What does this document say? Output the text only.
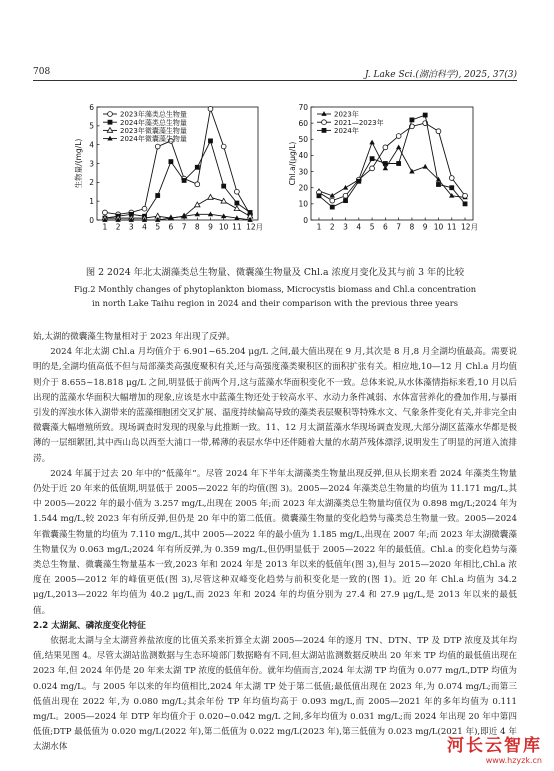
708	J. Lake Sci.(湖泊科学), 2025, 37(3)
0
1
2
3
4
5
6
1 2 3 4 5 6 7 8 9 10 11 12月
生物量/(mg/L)
2023年藻类总生物量
2024年藻类总生物量
2023年微囊藻生物量
2024年微囊藻生物量
0
10
20
30
40
50
60
70
1 2 3 4 5 6 7 8 9 10 11 12月
Chl.a/(μg/L)
2023年
2021—2023年
2024年
图 2 2024 年北太湖藻类总生物量、微囊藻生物量及 Chl.a 浓度月变化及其与前 3 年的比较
Fig.2 Monthly changes of phytoplankton biomass, Microcystis biomass and Chl.a concentration
in north Lake Taihu region in 2024 and their comparison with the previous three years

始,太湖的微囊藻生物量相对于 2023 年出现了反弹。

2024 年北太湖 Chl.a 月均值介于 6.901~65.204 μg/L 之间,最大值出现在 9 月,其次是 8 月,8 月全湖均值最高。需要说明的是,全湖均值高低不但与局部藻类高强度聚积有关,还与高强度藻类聚积区的面积扩张有关。相应地,10—12 月 Chl.a 月均值则介于 8.655~18.818 μg/L 之间,明显低于前两个月,这与蓝藻水华面积变化不一致。总体来说,从水体藻情指标来看,10 月以后出现的蓝藻水华面积大幅增加的现象,应该是水中蓝藻生物还处于较高水平、水动力条件减弱、水体富营养化的叠加作用,与暴雨引发的浑浊水体入湖带来的蓝藻细胞团交叉扩展、温度持续偏高导致的藻类表层聚积等特殊水文、气象条件变化有关,并非完全由微囊藻大幅增殖所致。现场调查时发现的现象与此推断一致。11、12 月太湖蓝藻水华现场调查发现,大部分湖区蓝藻水华都是极薄的一层细絮团,其中西山岛以西至大浦口一带,稀薄的表层水华中还伴随着大量的水葫芦残体漂浮,说明发生了明显的河道入流排涝。

2024 年属于过去 20 年中的“低藻年”。尽管 2024 年下半年太湖藻类生物量出现反弹,但从长期来看 2024 年藻类生物量仍处于近 20 年来的低值期,明显低于 2005—2022 年的均值(图 3)。2005—2024 年藻类总生物量的均值为 11.171 mg/L,其中 2005—2022 年的最小值为 3.257 mg/L,出现在 2005 年;而 2023 年太湖藻类总生物量均值仅为 0.898 mg/L;2024 年为 1.544 mg/L,较 2023 年有所反弹,但仍是 20 年中的第二低值。微囊藻生物量的变化趋势与藻类总生物量一致。2005—2024 年微囊藻生物量的均值为 7.110 mg/L,其中 2005—2022 年的最小值为 1.185 mg/L,出现在 2007 年;而 2023 年太湖微囊藻生物量仅为 0.063 mg/L;2024 年有所反弹,为 0.359 mg/L,但仍明显低于 2005—2022 年的最低值。Chl.a 的变化趋势与藻类总生物量、微囊藻生物量基本一致,2023 年和 2024 年是 2013 年以来的低值年(图 3),但与 2015—2020 年相比,Chl.a 浓度在 2005—2012 年的峰值更低(图 3),尽管这种双峰变化趋势与前积变化是一致的(图 1)。近 20 年 Chl.a 均值为 34.2 μg/L,2013—2022 年均值为 40.2 μg/L,而 2023 年和 2024 年的均值分别为 27.4 和 27.9 μg/L,是 2013 年以来的最低值。

2.2 太湖氮、磷浓度变化特征

依据北太湖与全太湖营养盐浓度的比值关系来折算全太湖 2005—2024 年的逐月 TN、DTN、TP 及 DTP 浓度及其年均值,结果见图 4。尽管太湖站监测数据与生态环境部门数据略有不同,但太湖站监测数据反映出 20 年来 TP 均值的最低值出现在 2023 年,但 2024 年仍是 20 年来太湖 TP 浓度的低值年份。就年均值而言,2024 年太湖 TP 均值为 0.077 mg/L,DTP 均值为 0.024 mg/L。与 2005 年以来的年均值相比,2024 年太湖 TP 处于第二低值;最低值出现在 2023 年,为 0.074 mg/L;而第三低值出现在 2022 年,为 0.080 mg/L;其余年份 TP 年均值均高于 0.093 mg/L,而 2005—2021 年的多年均值为 0.111 mg/L。2005—2024 年 DTP 年均值介于 0.020~0.042 mg/L 之间,多年均值为 0.031 mg/L;而 2024 年出现 20 年中第四低值;DTP 最低值为 0.020 mg/L(2022 年),第二低值为 0.022 mg/L(2023 年),第三低值为 0.023 mg/L(2021 年),即近 4 年太湖水体	河长云智库
www.hzyzk.cn
